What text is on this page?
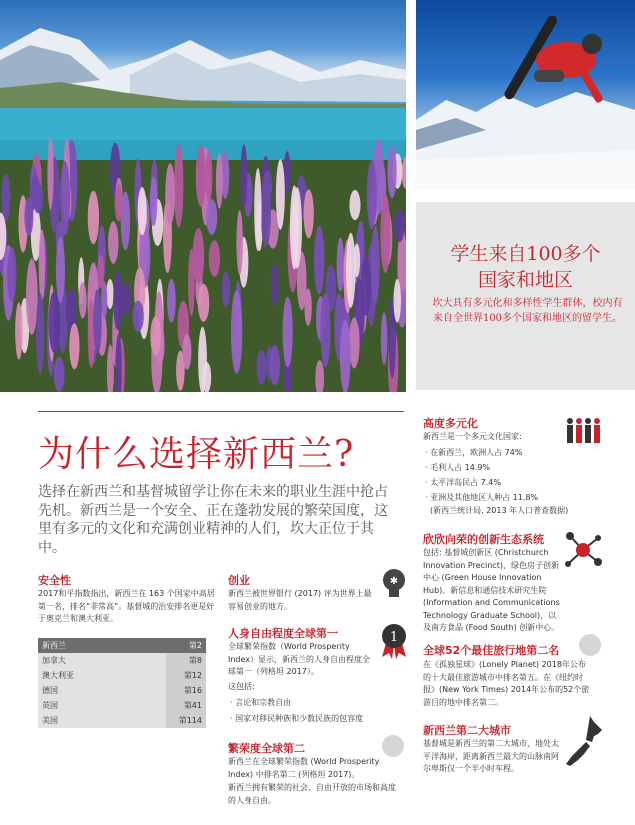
学生来自100多个
国家和地区
坎大具有多元化和多样性学生群体，校内有来自全世界100多个国家和地区的留学生。
为什么选择新西兰?
选择在新西兰和基督城留学让你在未来的职业生涯中抢占先机。新西兰是一个安全、正在蓬勃发展的繁荣国度，这里有多元的文化和充满创业精神的人们，坎大正位于其中。
安全性
2017和平指数指出，新西兰在 163 个国家中高居第一名，排名“非常高”。基督城的治安排名更是好于奥克兰和澳大利亚。
新西兰	第2
加拿大	第8
澳大利亚	第12
德国	第16
英国	第41
美国	第114
创业
新西兰被世界银行 (2017) 评为世界上最容易创业的地方。
✱
人身自由程度全球第一
全球繁荣指数（World Prosperity Index）显示，新西兰的人身自由程度全球第一（列格坦 2017）。
这包括:
· 言论和宗教自由
· 国家对移民种族和少数民族的包容度
1
繁荣度全球第二
新西兰在全球繁荣指数 (World Prosperity Index) 中排名第二 (列格坦 2017)。
新西兰拥有繁荣的社会、自由开放的市场和高度的人身自由。
高度多元化
新西兰是一个多元文化国家:
· 在新西兰，欧洲人占 74%
· 毛利人占 14.9%
· 太平洋岛民占 7.4%
· 亚洲及其他地区人种占 11.8%
(新西兰统计局, 2013 年人口普查数据)
欣欣向荣的创新生态系统
包括: 基督城创新区 (Christchurch Innovation Precinct)、绿色房子创新中心 (Green House Innovation Hub)、新信息和通信技术研究生院 (Information and Communications Technology Graduate School)，以及南方食品 (Food South) 创新中心。
全球52个最佳旅行地第二名
在《孤独星球》(Lonely Planet) 2018年公布的十大最佳旅游城市中排名第五。在《纽约时报》(New York Times) 2014年公布的52个旅游目的地中排名第二。
新西兰第二大城市
基督城是新西兰的第二大城市，地处太平洋海岸，距离新西兰最大的山脉南阿尔卑斯仅一个半小时车程。
